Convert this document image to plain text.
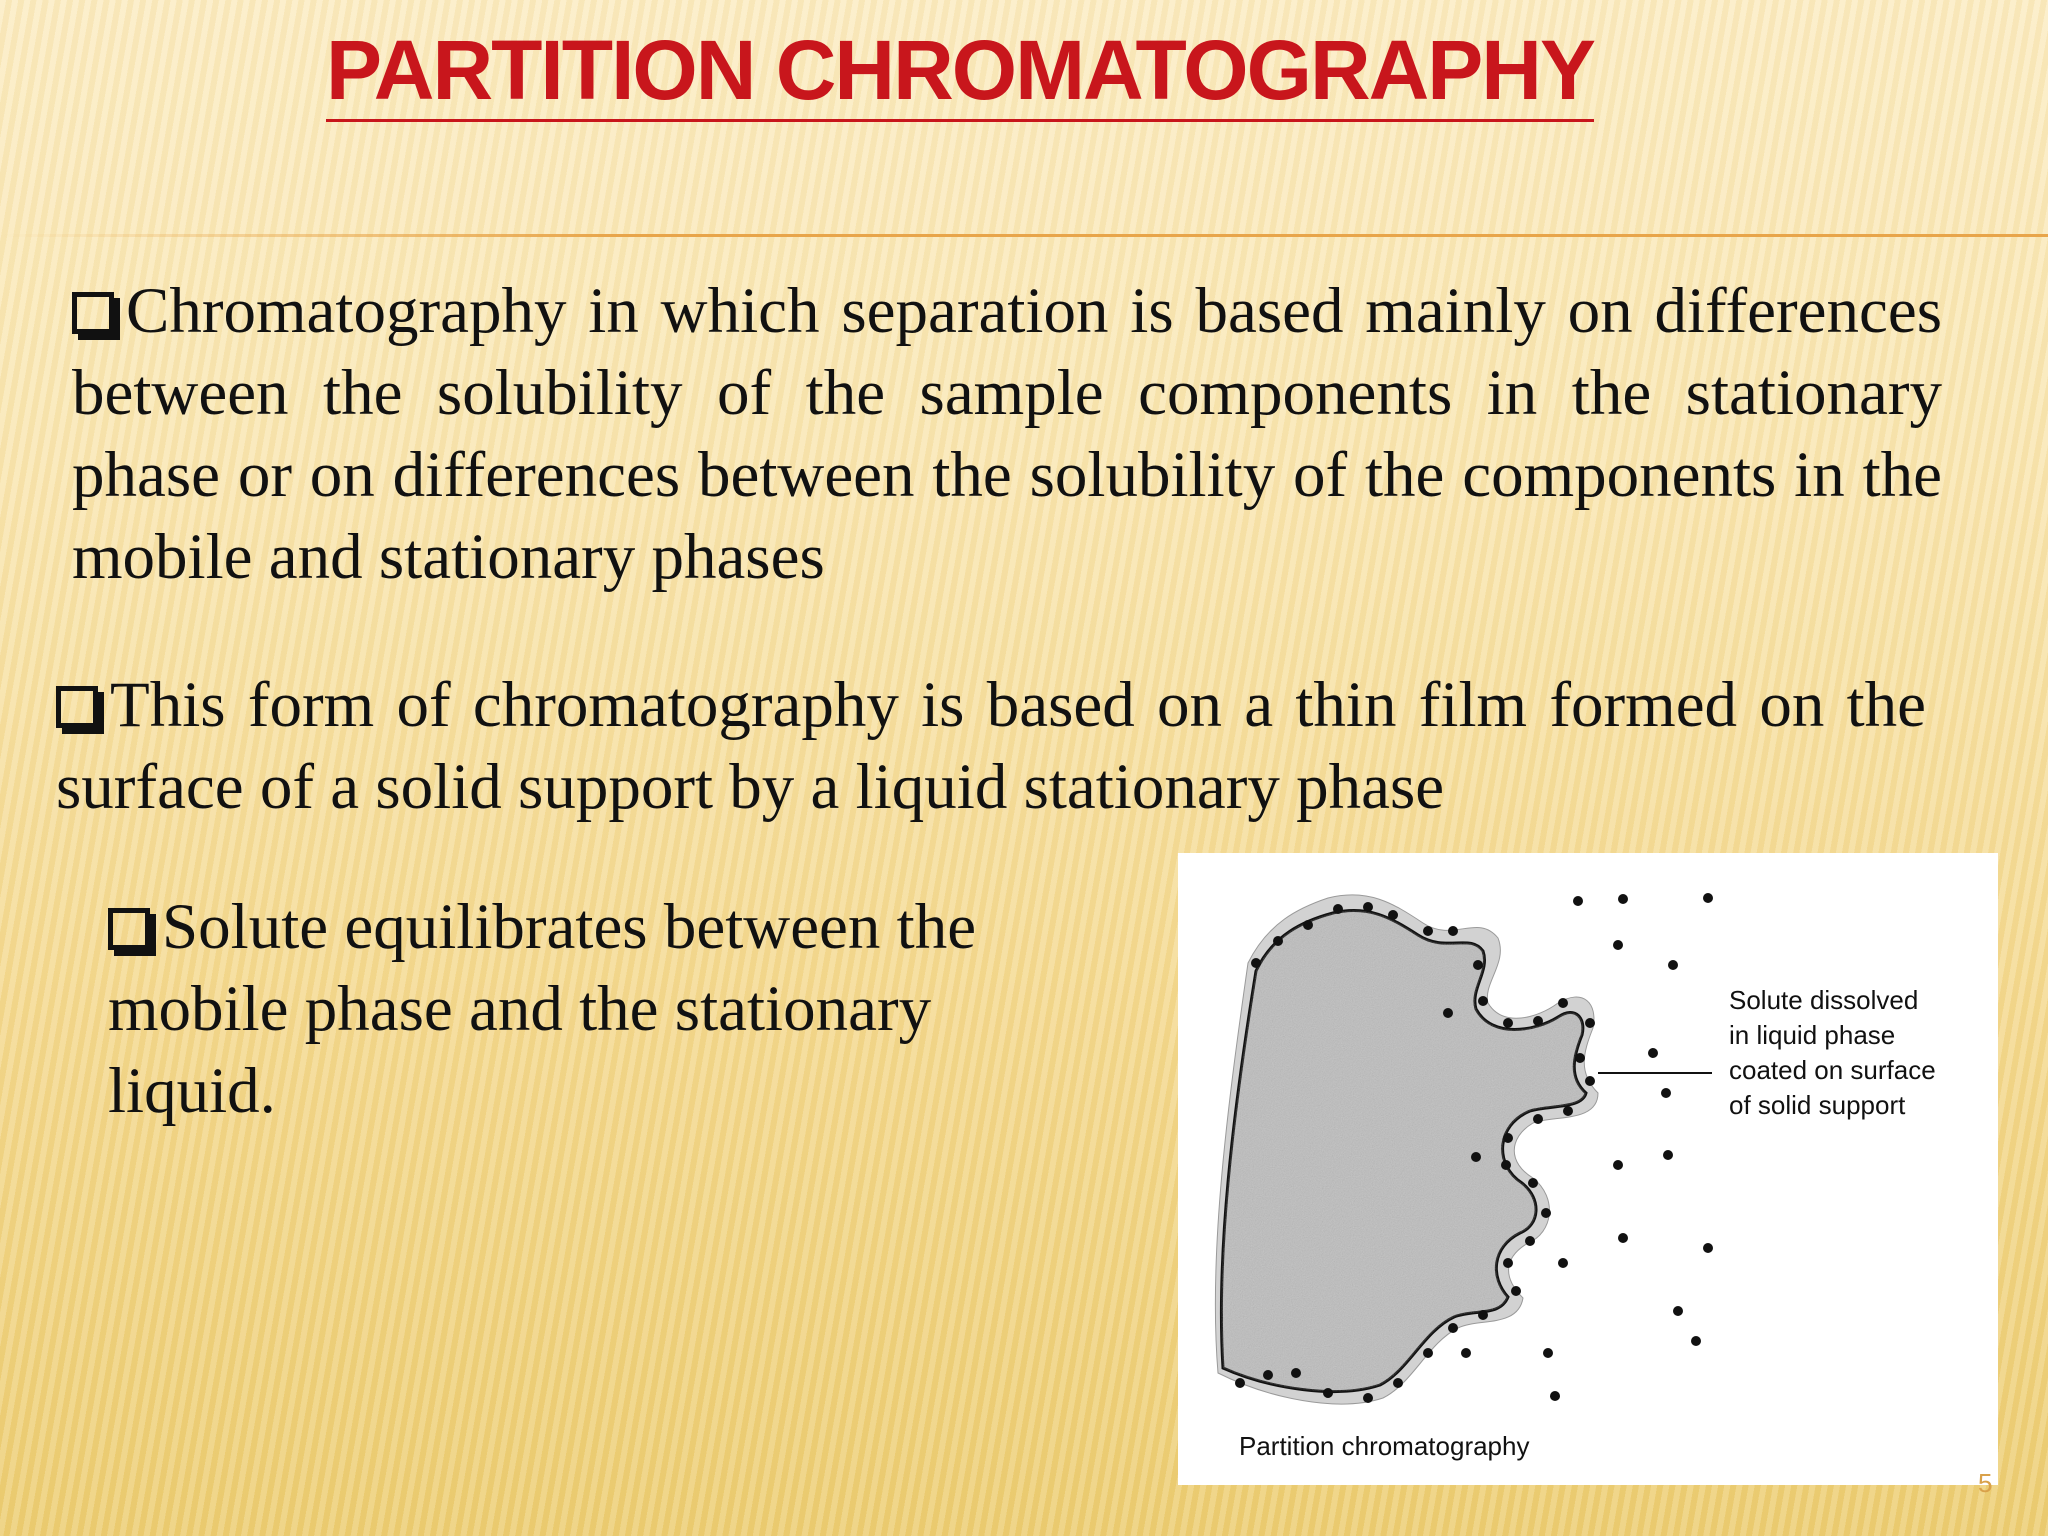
PARTITION CHROMATOGRAPHY
Chromatography in which separation is based mainly on differences between the solubility of the sample components in the stationary phase or on differences between the solubility of the components in the mobile and stationary phases
This form of chromatography is based on a thin film formed on the surface of a solid support by a liquid stationary phase
Solute equilibrates between the mobile phase and the stationary liquid.
Solute dissolved
in liquid phase
coated on surface
of solid support
Partition chromatography
5
